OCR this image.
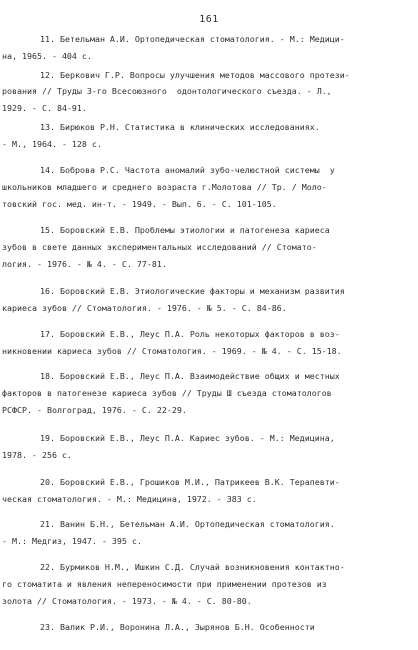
161
11. Бетельман А.И. Ортопедическая стоматология. - М.: Медици-
на, 1965. - 404 с.
12. Беркович Г.Р. Вопросы улучшения методов массового протези-
рования // Труды 3-го Всесоюзного  одонтологического съезда. - Л.,
1929. - С. 84-91.
13. Бирюков Р.Н. Статистика в клинических исследованиях.
- М., 1964. - 128 с.
14. Боброва Р.С. Частота аномалий зубо-челюстной системы  у
школьников младшего и среднего возраста г.Молотова // Тр. / Моло-
товский гос. мед. ин-т. - 1949. - Вып. 6. - С. 101-105.
15. Боровский Е.В. Проблемы этиологии и патогенеза кариеса
зубов в свете данных экспериментальных исследований // Стомато-
логия. - 1976. - № 4. - С. 77-81.
16. Боровский Е.В. Этиологические факторы и механизм развития
кариеса зубов // Стоматология. - 1976. - № 5. - С. 84-86.
17. Боровский Е.В., Леус П.А. Роль некоторых факторов в воз-
никновении кариеса зубов // Стоматология. - 1969. - № 4. - С. 15-18.
18. Боровский Е.В., Леус П.А. Взаимодействие общих и местных
факторов в патогенезе кариеса зубов // Труды Ш съезда стоматологов
РСФСР. - Волгоград, 1976. - С. 22-29.
19. Боровский Е.В., Леус П.А. Кариес зубов. - М.: Медицина,
1978. - 256 с.
20. Боровский Е.В., Грошиков М.И., Патрикеев В.К. Терапевти-
ческая стоматология. - М.: Медицина, 1972. - 383 с.
21. Ванин Б.Н., Бетельман А.И. Ортопедическая стоматология.
- М.: Медгиз, 1947. - 395 с.
22. Бурмиков Н.М., Ишкин С.Д. Случай возникновения контактно-
го стоматита и явления непереносимости при применении протезов из
золота // Стоматология. - 1973. - № 4. - С. 80-80.
23. Валик Р.И., Воронина Л.А., Зырянов Б.Н. Особенности
